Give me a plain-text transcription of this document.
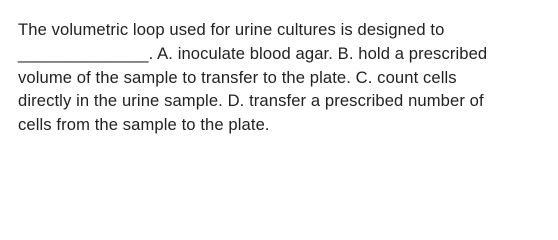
The volumetric loop used for urine cultures is designed to
______________. A. inoculate blood agar. B. hold a prescribed
volume of the sample to transfer to the plate. C. count cells
directly in the urine sample. D. transfer a prescribed number of
cells from the sample to the plate.
